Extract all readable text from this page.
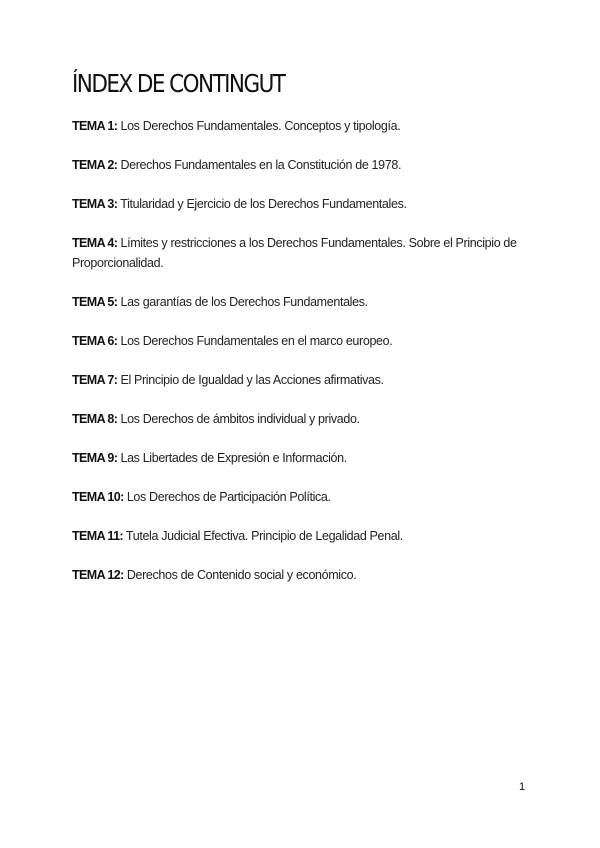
ÍNDEX DE CONTINGUT
TEMA 1: Los Derechos Fundamentales. Conceptos y tipología.
TEMA 2: Derechos Fundamentales en la Constitución de 1978.
TEMA 3: Titularidad y Ejercicio de los Derechos Fundamentales.
TEMA 4: Límites y restricciones a los Derechos Fundamentales. Sobre el Principio de Proporcionalidad.
TEMA 5: Las garantías de los Derechos Fundamentales.
TEMA 6: Los Derechos Fundamentales en el marco europeo.
TEMA 7: El Principio de Igualdad y las Acciones afirmativas.
TEMA 8: Los Derechos de ámbitos individual y privado.
TEMA 9: Las Libertades de Expresión e Información.
TEMA 10: Los Derechos de Participación Política.
TEMA 11: Tutela Judicial Efectiva. Principio de Legalidad Penal.
TEMA 12: Derechos de Contenido social y económico.
1
